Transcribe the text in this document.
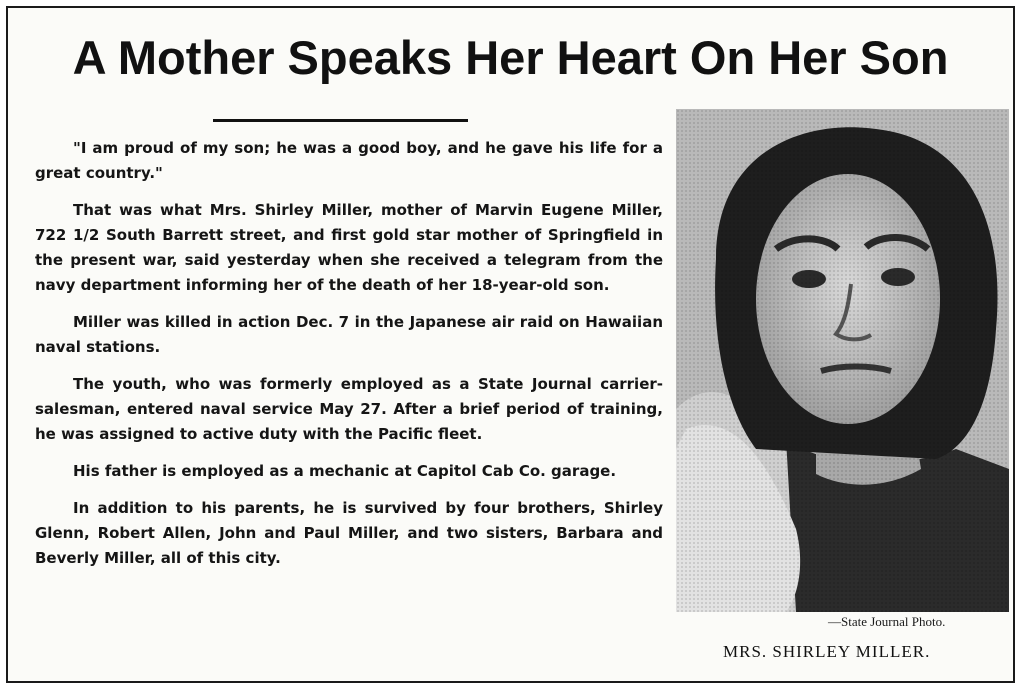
A Mother Speaks Her Heart On Her Son

"I am proud of my son; he was a good boy, and he gave his life for a great country."

That was what Mrs. Shirley Miller, mother of Marvin Eugene Miller, 722 1/2 South Barrett street, and first gold star mother of Springfield in the present war, said yesterday when she received a telegram from the navy department informing her of the death of her 18-year-old son.

Miller was killed in action Dec. 7 in the Japanese air raid on Hawaiian naval stations.

The youth, who was formerly employed as a State Journal carrier-salesman, entered naval service May 27. After a brief period of training, he was assigned to active duty with the Pacific fleet.

His father is employed as a mechanic at Capitol Cab Co. garage.

In addition to his parents, he is survived by four brothers, Shirley Glenn, Robert Allen, John and Paul Miller, and two sisters, Barbara and Beverly Miller, all of this city.

—State Journal Photo.
MRS. SHIRLEY MILLER.
